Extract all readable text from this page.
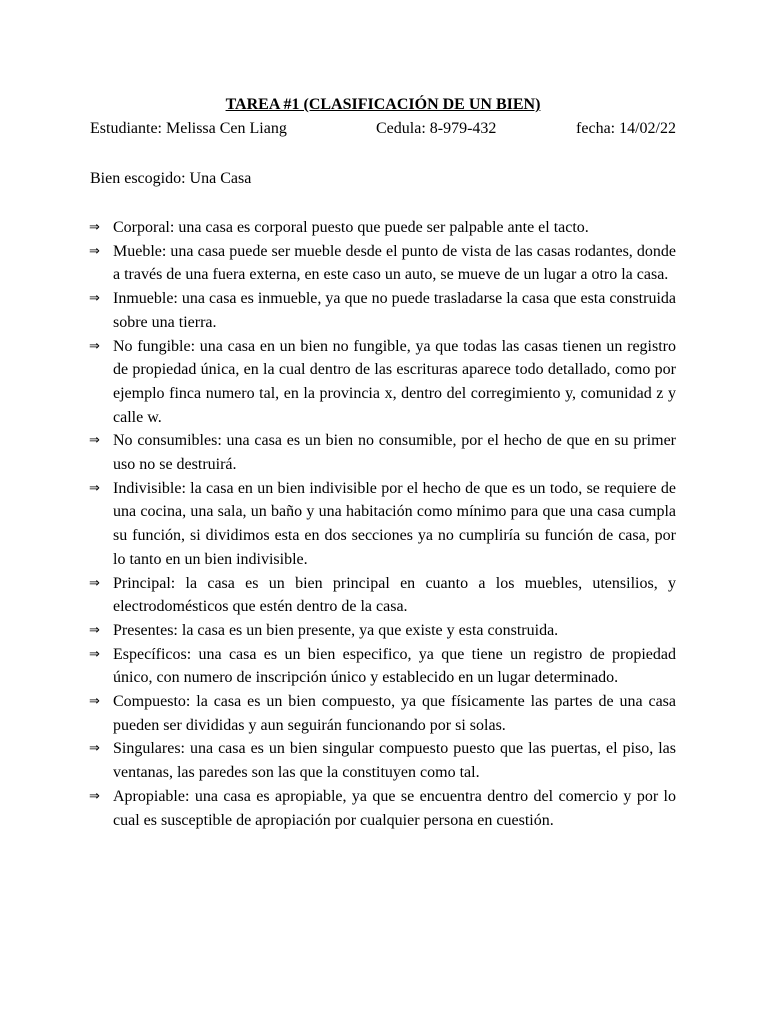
TAREA #1 (CLASIFICACIÓN DE UN BIEN)

Estudiante: Melissa Cen Liang	Cedula: 8-979-432	fecha: 14/02/22
Bien escogido: Una Casa
⇒ Corporal: una casa es corporal puesto que puede ser palpable ante el tacto.
⇒ Mueble: una casa puede ser mueble desde el punto de vista de las casas rodantes, donde a través de una fuera externa, en este caso un auto, se mueve de un lugar a otro la casa.
⇒ Inmueble: una casa es inmueble, ya que no puede trasladarse la casa que esta construida sobre una tierra.
⇒ No fungible: una casa en un bien no fungible, ya que todas las casas tienen un registro de propiedad única, en la cual dentro de las escrituras aparece todo detallado, como por ejemplo finca numero tal, en la provincia x, dentro del corregimiento y, comunidad z y calle w.
⇒ No consumibles: una casa es un bien no consumible, por el hecho de que en su primer uso no se destruirá.
⇒ Indivisible: la casa en un bien indivisible por el hecho de que es un todo, se requiere de una cocina, una sala, un baño y una habitación como mínimo para que una casa cumpla su función, si dividimos esta en dos secciones ya no cumpliría su función de casa, por lo tanto en un bien indivisible.
⇒ Principal: la casa es un bien principal en cuanto a los muebles, utensilios, y electrodomésticos que estén dentro de la casa.
⇒ Presentes: la casa es un bien presente, ya que existe y esta construida.
⇒ Específicos: una casa es un bien especifico, ya que tiene un registro de propiedad único, con numero de inscripción único y establecido en un lugar determinado.
⇒ Compuesto: la casa es un bien compuesto, ya que físicamente las partes de una casa pueden ser divididas y aun seguirán funcionando por si solas.
⇒ Singulares: una casa es un bien singular compuesto puesto que las puertas, el piso, las ventanas, las paredes son las que la constituyen como tal.
⇒ Apropiable: una casa es apropiable, ya que se encuentra dentro del comercio y por lo cual es susceptible de apropiación por cualquier persona en cuestión.
